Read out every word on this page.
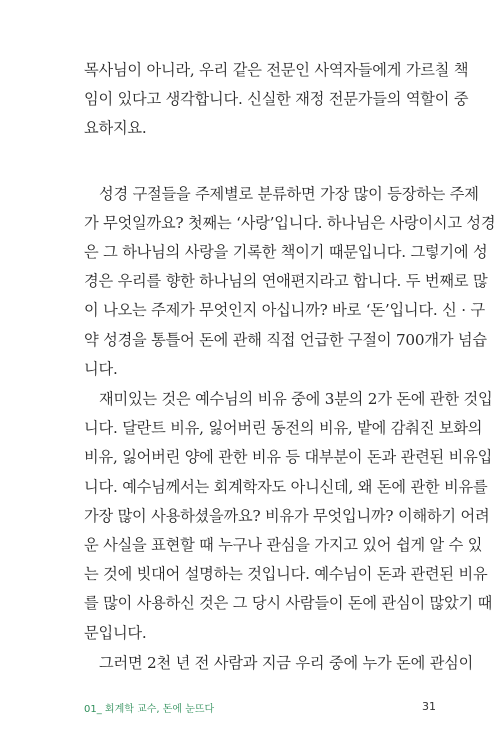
목사님이 아니라, 우리 같은 전문인 사역자들에게 가르칠 책
임이 있다고 생각합니다. 신실한 재정 전문가들의 역할이 중
요하지요.

성경 구절들을 주제별로 분류하면 가장 많이 등장하는 주제
가 무엇일까요? 첫째는 ‘사랑’입니다. 하나님은 사랑이시고 성경
은 그 하나님의 사랑을 기록한 책이기 때문입니다. 그렇기에 성
경은 우리를 향한 하나님의 연애편지라고 합니다. 두 번째로 많
이 나오는 주제가 무엇인지 아십니까? 바로 ‘돈’입니다. 신 · 구
약 성경을 통틀어 돈에 관해 직접 언급한 구절이 700개가 넘습
니다.

재미있는 것은 예수님의 비유 중에 3분의 2가 돈에 관한 것입
니다. 달란트 비유, 잃어버린 동전의 비유, 밭에 감춰진 보화의
비유, 잃어버린 양에 관한 비유 등 대부분이 돈과 관련된 비유입
니다. 예수님께서는 회계학자도 아니신데, 왜 돈에 관한 비유를
가장 많이 사용하셨을까요? 비유가 무엇입니까? 이해하기 어려
운 사실을 표현할 때 누구나 관심을 가지고 있어 쉽게 알 수 있
는 것에 빗대어 설명하는 것입니다. 예수님이 돈과 관련된 비유
를 많이 사용하신 것은 그 당시 사람들이 돈에 관심이 많았기 때
문입니다.

그러면 2천 년 전 사람과 지금 우리 중에 누가 돈에 관심이

01_ 회계학 교수, 돈에 눈뜨다	31
